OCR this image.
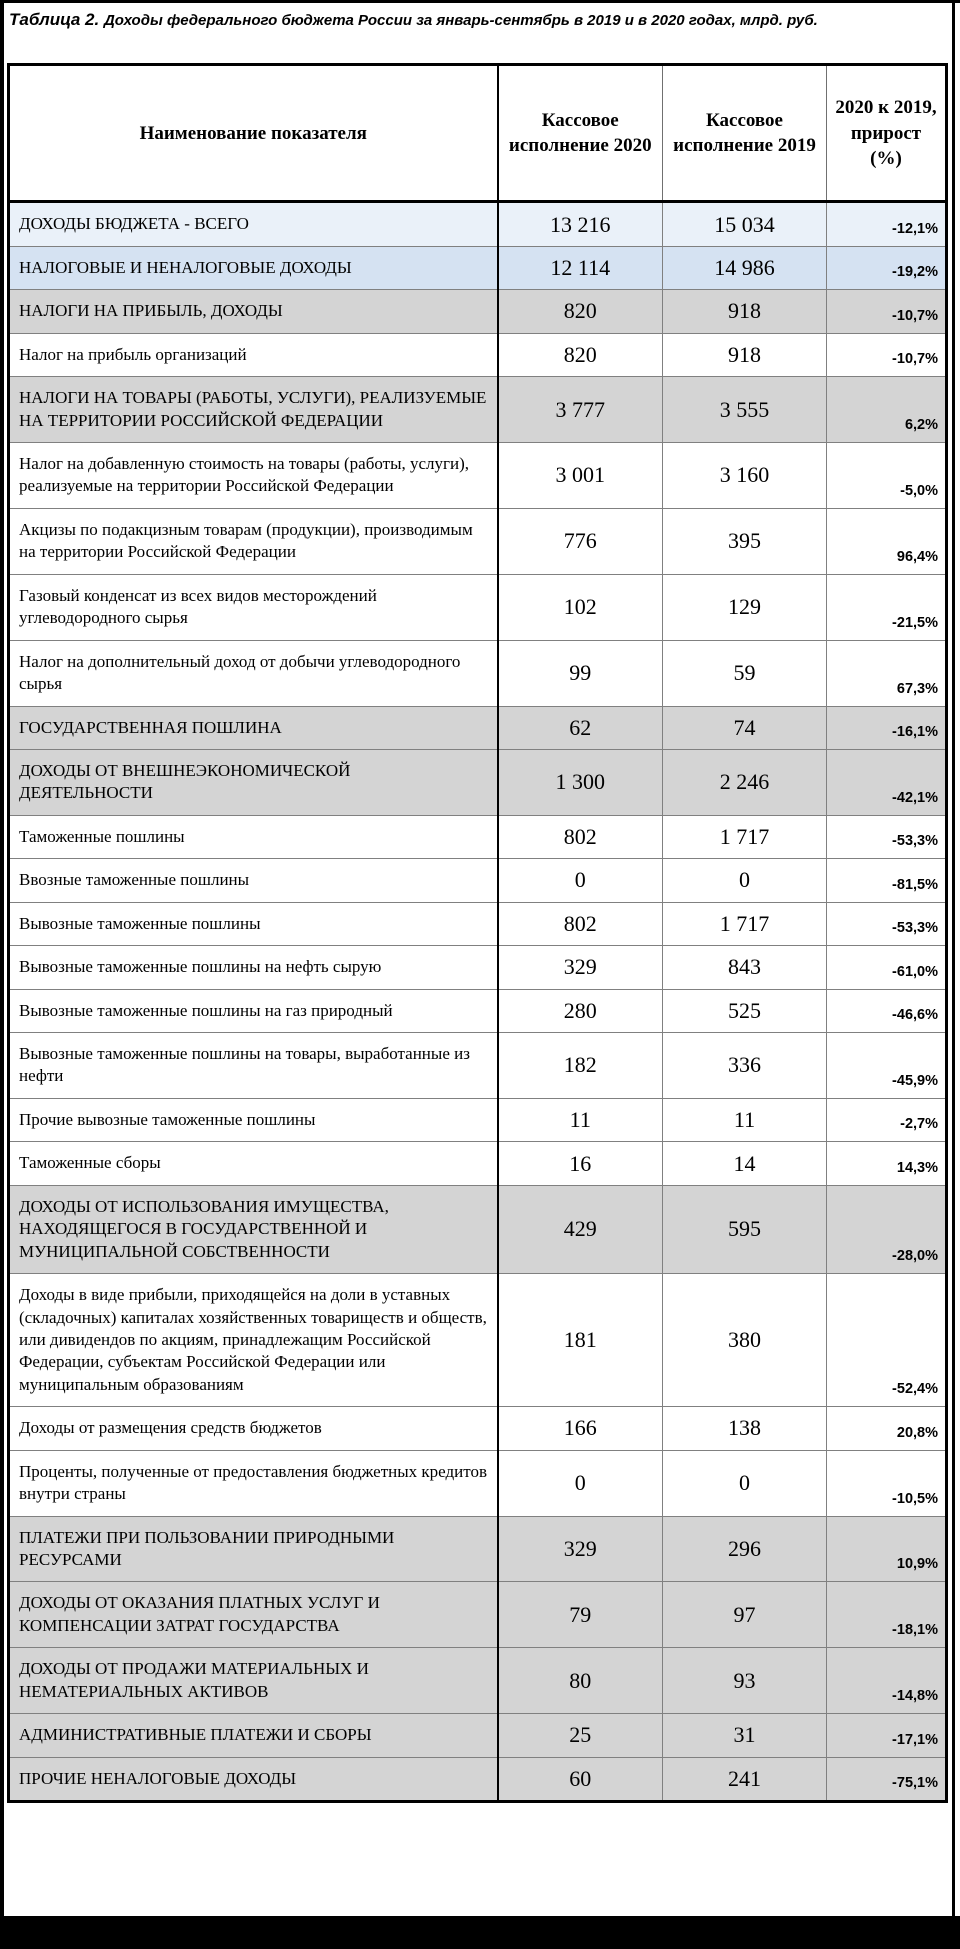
Таблица 2. Доходы федерального бюджета России за январь-сентябрь в 2019 и в 2020 годах, млрд. руб.
Наименование показателя	Кассовое исполнение 2020	Кассовое исполнение 2019	2020 к 2019, прирост (%)
ДОХОДЫ БЮДЖЕТА - ВСЕГО	13 216	15 034	-12,1%
НАЛОГОВЫЕ И НЕНАЛОГОВЫЕ ДОХОДЫ	12 114	14 986	-19,2%
НАЛОГИ НА ПРИБЫЛЬ, ДОХОДЫ	820	918	-10,7%
Налог на прибыль организаций	820	918	-10,7%
НАЛОГИ НА ТОВАРЫ (РАБОТЫ, УСЛУГИ), РЕАЛИЗУЕМЫЕ НА ТЕРРИТОРИИ РОССИЙСКОЙ ФЕДЕРАЦИИ	3 777	3 555	6,2%
Налог на добавленную стоимость на товары (работы, услуги), реализуемые на территории Российской Федерации	3 001	3 160	-5,0%
Акцизы по подакцизным товарам (продукции), производимым на территории Российской Федерации	776	395	96,4%
Газовый конденсат из всех видов месторождений углеводородного сырья	102	129	-21,5%
Налог на дополнительный доход от добычи углеводородного сырья	99	59	67,3%
ГОСУДАРСТВЕННАЯ ПОШЛИНА	62	74	-16,1%
ДОХОДЫ ОТ ВНЕШНЕЭКОНОМИЧЕСКОЙ ДЕЯТЕЛЬНОСТИ	1 300	2 246	-42,1%
Таможенные пошлины	802	1 717	-53,3%
Ввозные таможенные пошлины	0	0	-81,5%
Вывозные таможенные пошлины	802	1 717	-53,3%
Вывозные таможенные пошлины на нефть сырую	329	843	-61,0%
Вывозные таможенные пошлины на газ природный	280	525	-46,6%
Вывозные таможенные пошлины на товары, выработанные из нефти	182	336	-45,9%
Прочие вывозные таможенные пошлины	11	11	-2,7%
Таможенные сборы	16	14	14,3%
ДОХОДЫ ОТ ИСПОЛЬЗОВАНИЯ ИМУЩЕСТВА, НАХОДЯЩЕГОСЯ В ГОСУДАРСТВЕННОЙ И МУНИЦИПАЛЬНОЙ СОБСТВЕННОСТИ	429	595	-28,0%
Доходы в виде прибыли, приходящейся на доли в уставных (складочных) капиталах хозяйственных товариществ и обществ, или дивидендов по акциям, принадлежащим Российской Федерации, субъектам Российской Федерации или муниципальным образованиям	181	380	-52,4%
Доходы от размещения средств бюджетов	166	138	20,8%
Проценты, полученные от предоставления бюджетных кредитов внутри страны	0	0	-10,5%
ПЛАТЕЖИ ПРИ ПОЛЬЗОВАНИИ ПРИРОДНЫМИ РЕСУРСАМИ	329	296	10,9%
ДОХОДЫ ОТ ОКАЗАНИЯ ПЛАТНЫХ УСЛУГ И КОМПЕНСАЦИИ ЗАТРАТ ГОСУДАРСТВА	79	97	-18,1%
ДОХОДЫ ОТ ПРОДАЖИ МАТЕРИАЛЬНЫХ И НЕМАТЕРИАЛЬНЫХ АКТИВОВ	80	93	-14,8%
АДМИНИСТРАТИВНЫЕ ПЛАТЕЖИ И СБОРЫ	25	31	-17,1%
ПРОЧИЕ НЕНАЛОГОВЫЕ ДОХОДЫ	60	241	-75,1%
